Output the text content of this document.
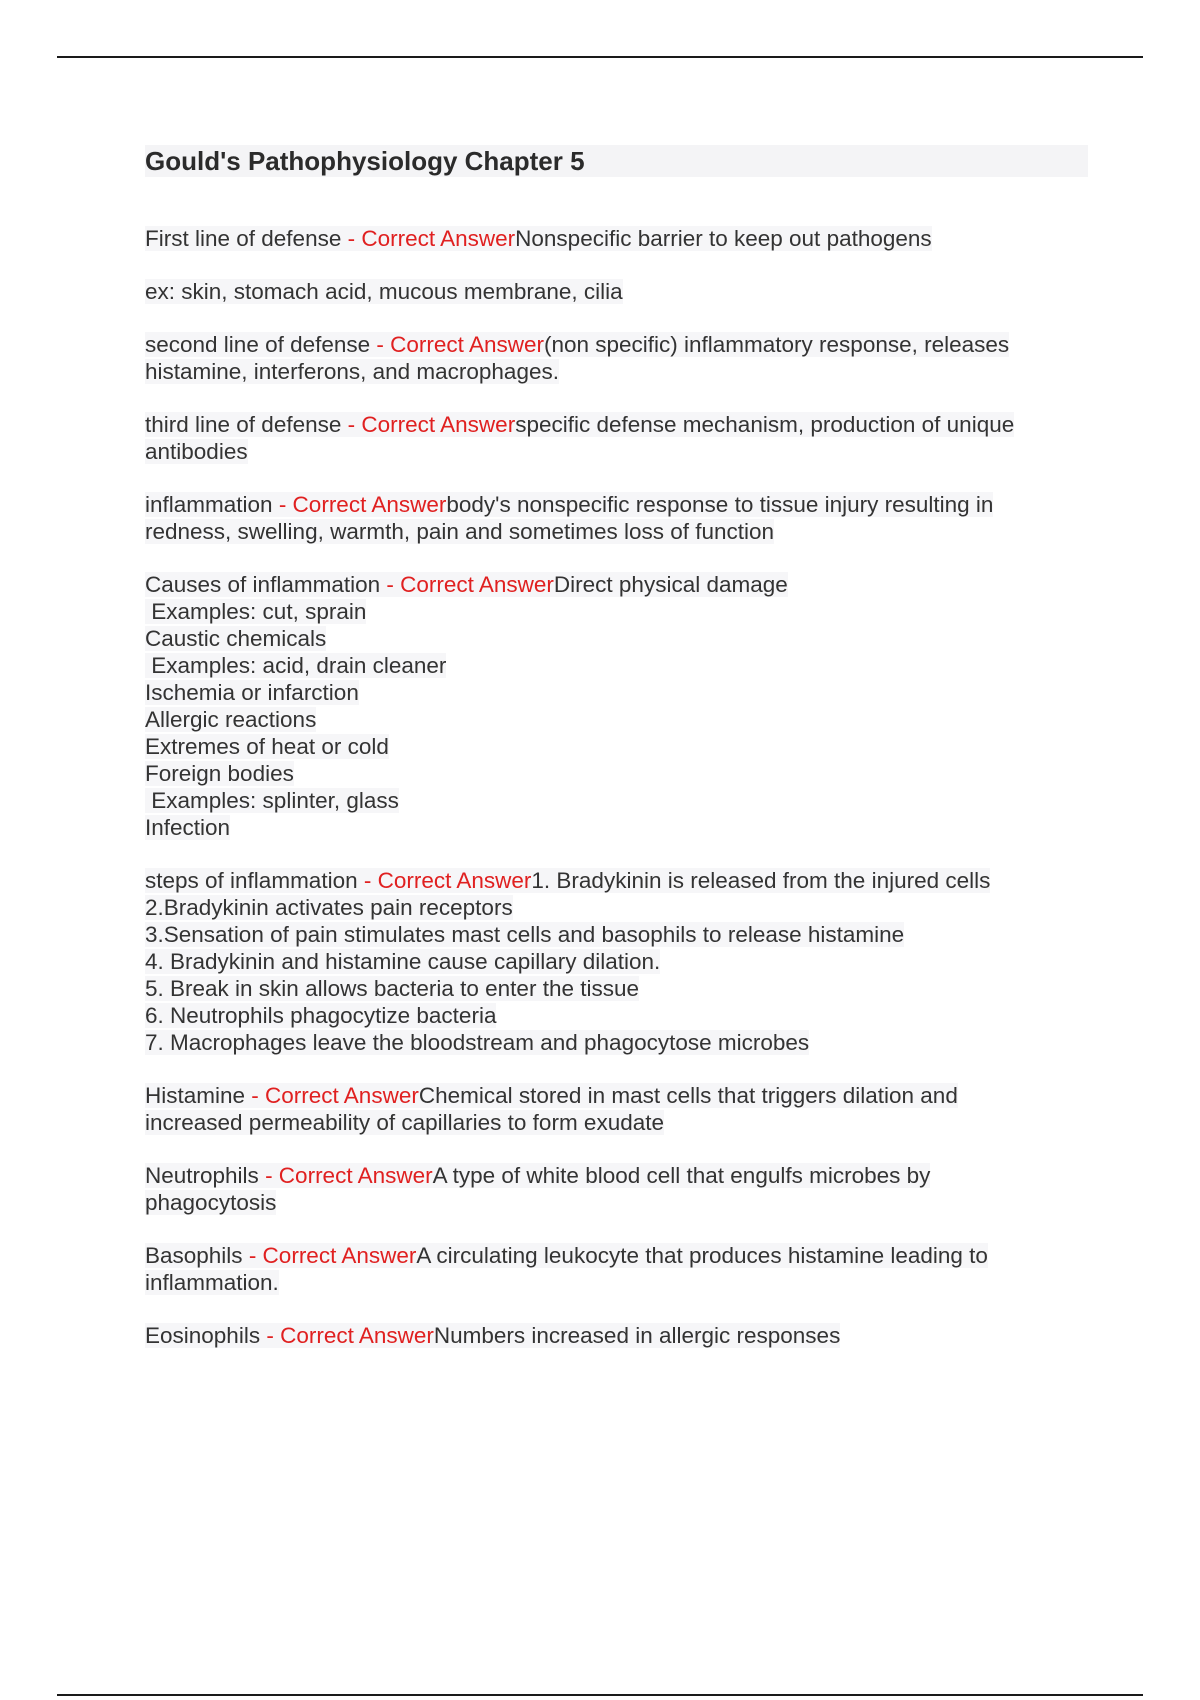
Gould's Pathophysiology Chapter 5
First line of defense - Correct AnswerNonspecific barrier to keep out pathogens
ex: skin, stomach acid, mucous membrane, cilia
second line of defense - Correct Answer(non specific) inflammatory response, releases
histamine, interferons, and macrophages.
third line of defense - Correct Answerspecific defense mechanism, production of unique
antibodies
inflammation - Correct Answerbody's nonspecific response to tissue injury resulting in
redness, swelling, warmth, pain and sometimes loss of function
Causes of inflammation - Correct AnswerDirect physical damage
Examples: cut, sprain
Caustic chemicals
Examples: acid, drain cleaner
Ischemia or infarction
Allergic reactions
Extremes of heat or cold
Foreign bodies
Examples: splinter, glass
Infection
steps of inflammation - Correct Answer1. Bradykinin is released from the injured cells
2.Bradykinin activates pain receptors
3.Sensation of pain stimulates mast cells and basophils to release histamine
4. Bradykinin and histamine cause capillary dilation.
5. Break in skin allows bacteria to enter the tissue
6. Neutrophils phagocytize bacteria
7. Macrophages leave the bloodstream and phagocytose microbes
Histamine - Correct AnswerChemical stored in mast cells that triggers dilation and
increased permeability of capillaries to form exudate
Neutrophils - Correct AnswerA type of white blood cell that engulfs microbes by
phagocytosis
Basophils - Correct AnswerA circulating leukocyte that produces histamine leading to
inflammation.
Eosinophils - Correct AnswerNumbers increased in allergic responses
